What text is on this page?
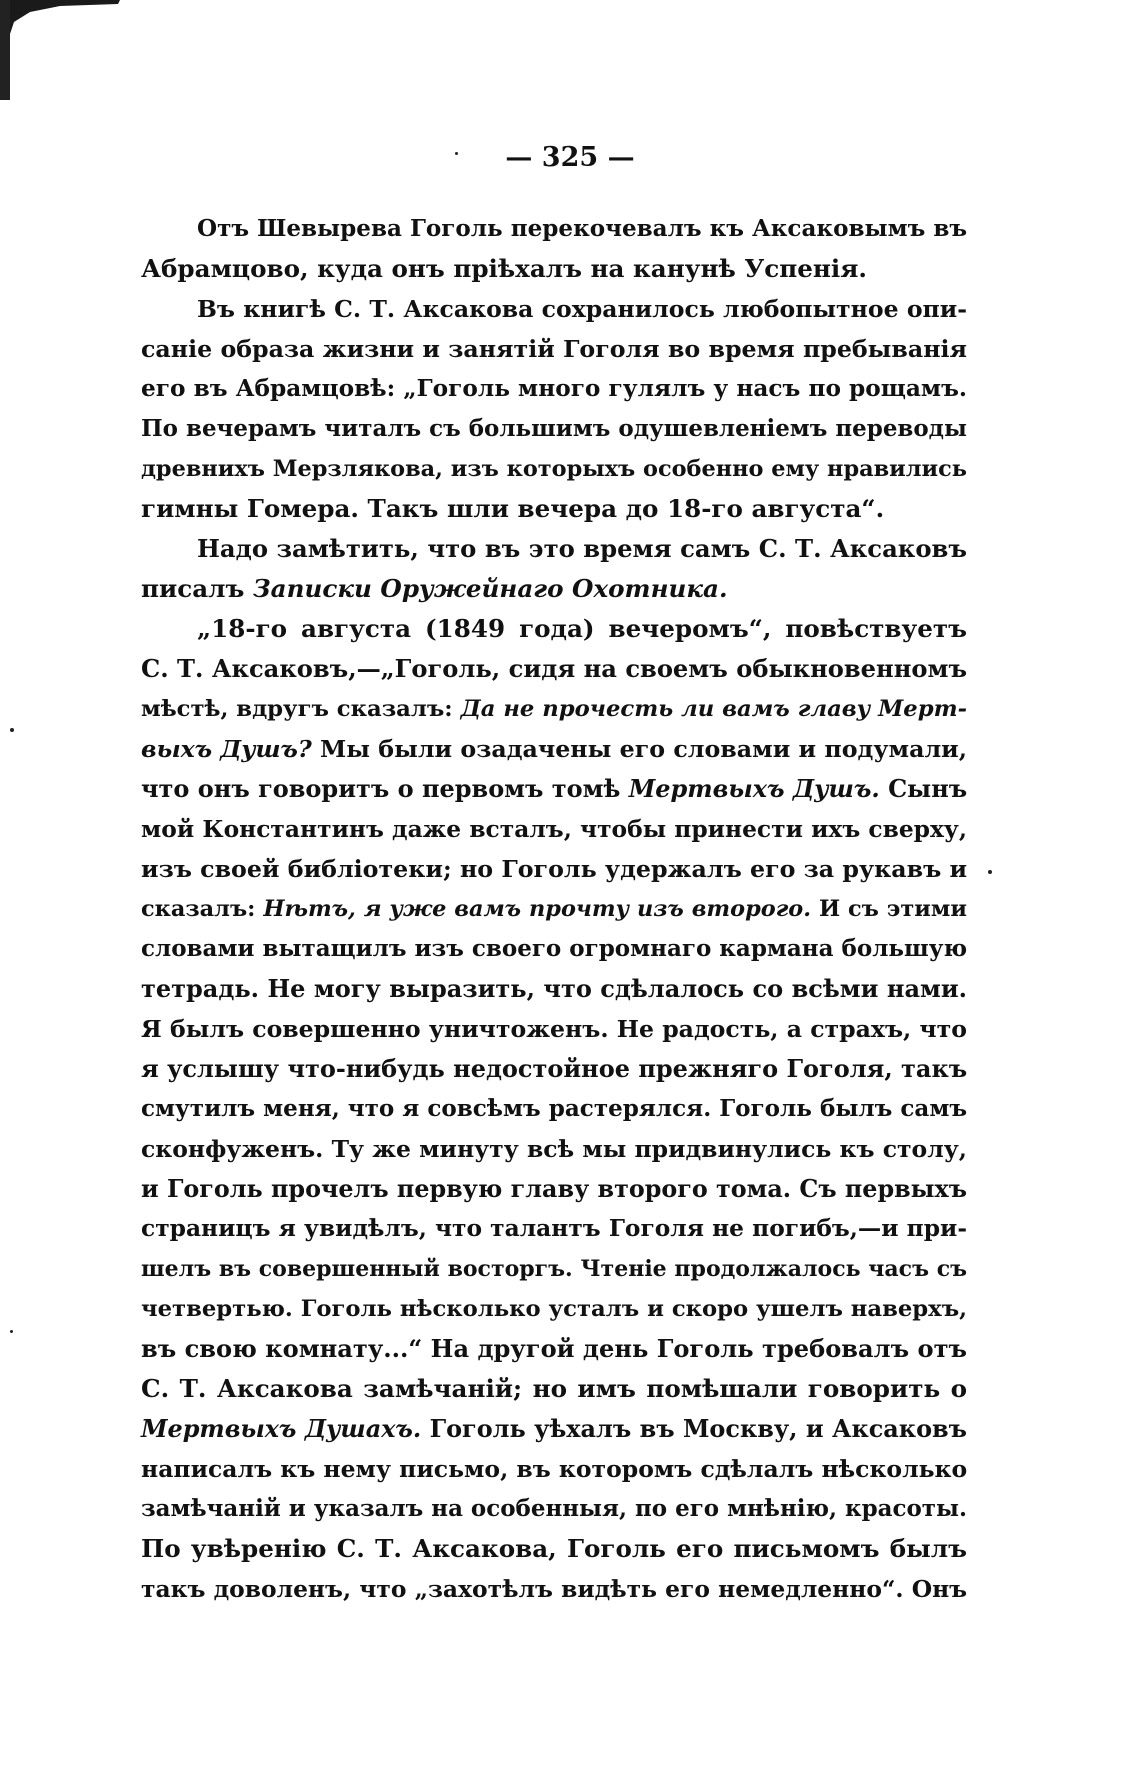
— 325 —
Отъ Шевырева Гоголь перекочевалъ къ Аксаковымъ въ
Абрамцово, куда онъ пріѣхалъ на канунѣ Успенія.
Въ книгѣ С. Т. Аксакова сохранилось любопытное опи-
саніе образа жизни и занятій Гоголя во время пребыванія
его въ Абрамцовѣ: „Гоголь много гулялъ у насъ по рощамъ.
По вечерамъ читалъ съ большимъ одушевленіемъ переводы
древнихъ Мерзлякова, изъ которыхъ особенно ему нравились
гимны Гомера. Такъ шли вечера до 18-го августа“.
Надо замѣтить, что въ это время самъ С. Т. Аксаковъ
писалъ Записки Оружейнаго Охотника.
„18-го августа (1849 года) вечеромъ“, повѣствуетъ
С. Т. Аксаковъ,—„Гоголь, сидя на своемъ обыкновенномъ
мѣстѣ, вдругъ сказалъ: Да не прочесть ли вамъ главу Мерт-
выхъ Душъ? Мы были озадачены его словами и подумали,
что онъ говоритъ о первомъ томѣ Мертвыхъ Душъ. Сынъ
мой Константинъ даже всталъ, чтобы принести ихъ сверху,
изъ своей библіотеки; но Гоголь удержалъ его за рукавъ и
сказалъ: Нѣтъ, я уже вамъ прочту изъ второго. И съ этими
словами вытащилъ изъ своего огромнаго кармана большую
тетрадь. Не могу выразить, что сдѣлалось со всѣми нами.
Я былъ совершенно уничтоженъ. Не радость, а страхъ, что
я услышу что-нибудь недостойное прежняго Гоголя, такъ
смутилъ меня, что я совсѣмъ растерялся. Гоголь былъ самъ
сконфуженъ. Ту же минуту всѣ мы придвинулись къ столу,
и Гоголь прочелъ первую главу второго тома. Съ первыхъ
страницъ я увидѣлъ, что талантъ Гоголя не погибъ,—и при-
шелъ въ совершенный восторгъ. Чтеніе продолжалось часъ съ
четвертью. Гоголь нѣсколько усталъ и скоро ушелъ наверхъ,
въ свою комнату...“ На другой день Гоголь требовалъ отъ
С. Т. Аксакова замѣчаній; но имъ помѣшали говорить о
Мертвыхъ Душахъ. Гоголь уѣхалъ въ Москву, и Аксаковъ
написалъ къ нему письмо, въ которомъ сдѣлалъ нѣсколько
замѣчаній и указалъ на особенныя, по его мнѣнію, красоты.
По увѣренію С. Т. Аксакова, Гоголь его письмомъ былъ
такъ доволенъ, что „захотѣлъ видѣть его немедленно“. Онъ
